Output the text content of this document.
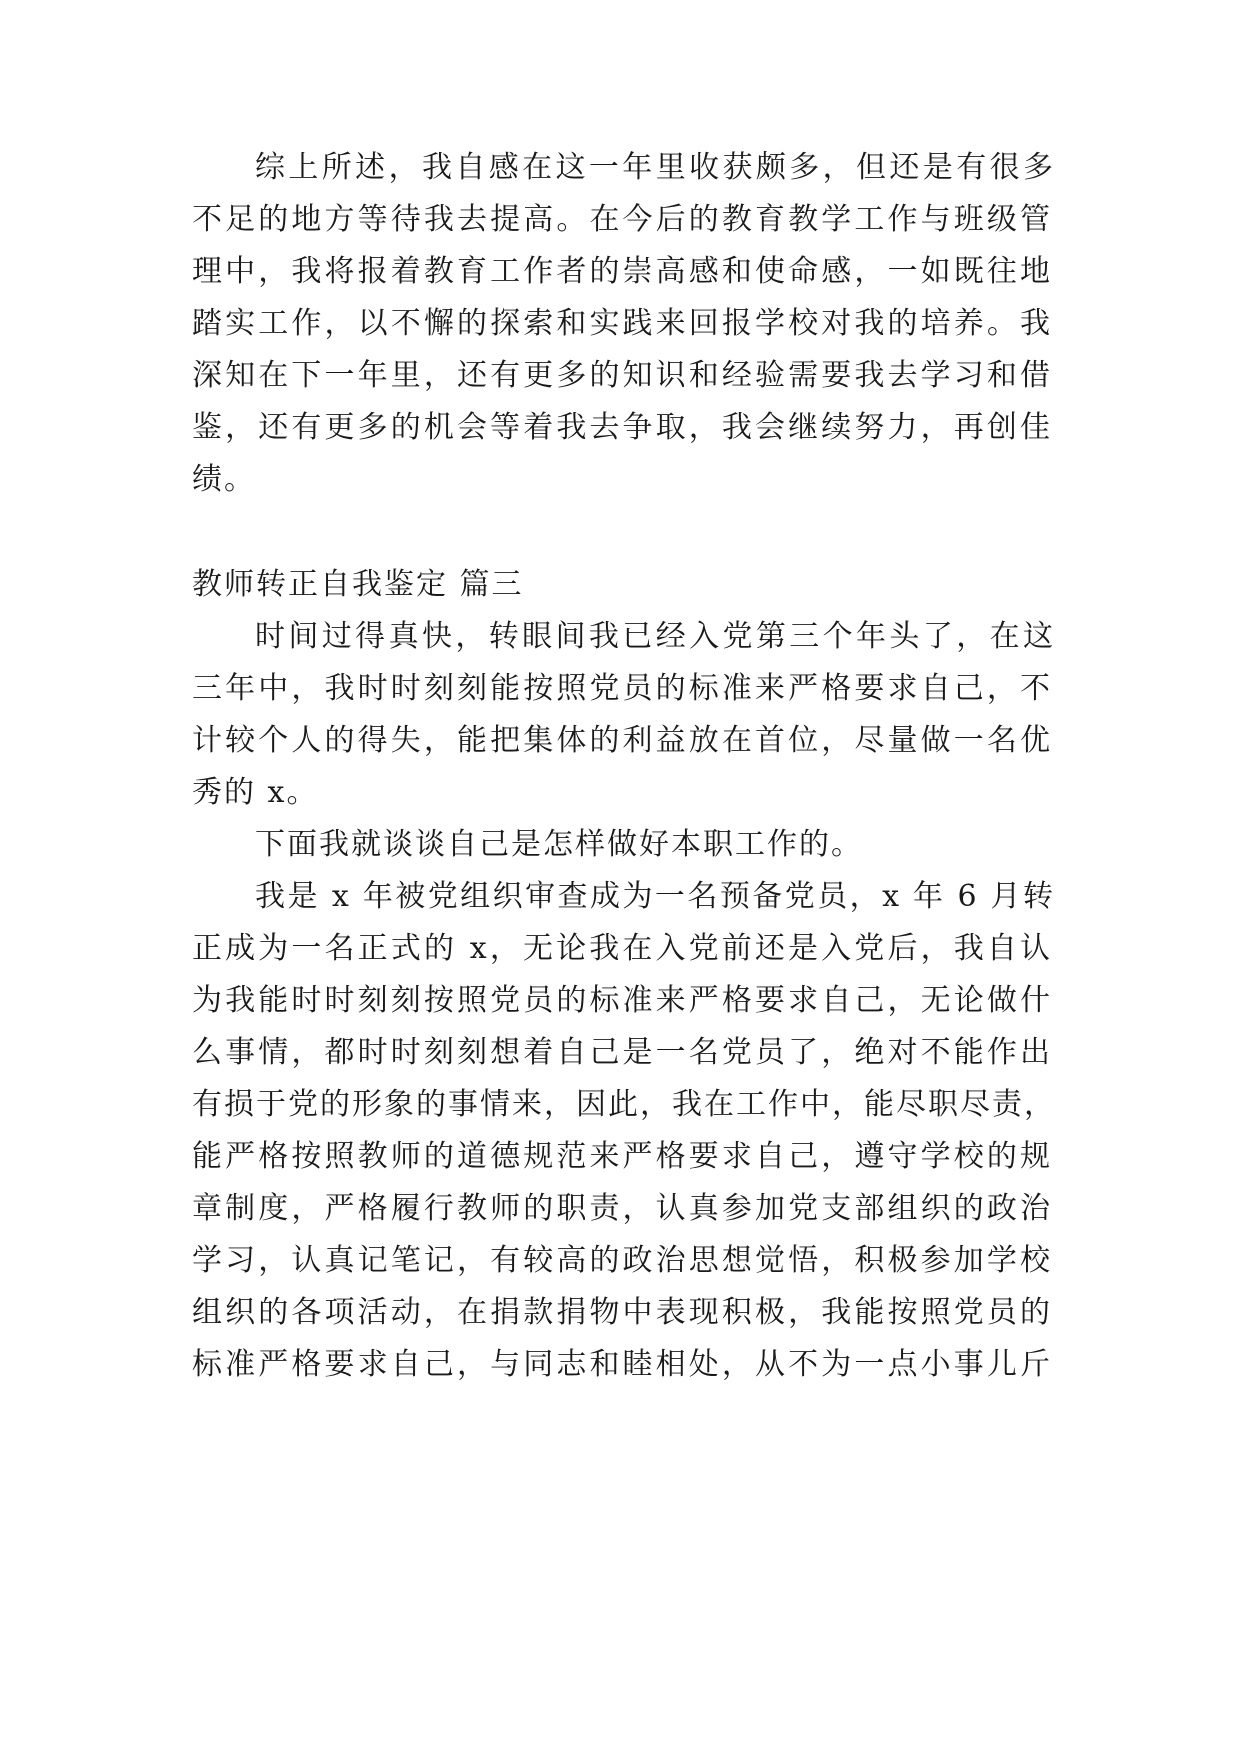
综上所述，我自感在这一年里收获颇多，但还是有很多
不足的地方等待我去提高。在今后的教育教学工作与班级管
理中，我将报着教育工作者的崇高感和使命感，一如既往地
踏实工作，以不懈的探索和实践来回报学校对我的培养。我
深知在下一年里，还有更多的知识和经验需要我去学习和借
鉴，还有更多的机会等着我去争取，我会继续努力，再创佳
绩。
教师转正自我鉴定 篇三
时间过得真快，转眼间我已经入党第三个年头了，在这
三年中，我时时刻刻能按照党员的标准来严格要求自己，不
计较个人的得失，能把集体的利益放在首位，尽量做一名优
秀的 x。
下面我就谈谈自己是怎样做好本职工作的。
我是 x 年被党组织审查成为一名预备党员，x 年 6 月转
正成为一名正式的 x，无论我在入党前还是入党后，我自认
为我能时时刻刻按照党员的标准来严格要求自己，无论做什
么事情，都时时刻刻想着自己是一名党员了，绝对不能作出
有损于党的形象的事情来，因此，我在工作中，能尽职尽责，
能严格按照教师的道德规范来严格要求自己，遵守学校的规
章制度，严格履行教师的职责，认真参加党支部组织的政治
学习，认真记笔记，有较高的政治思想觉悟，积极参加学校
组织的各项活动，在捐款捐物中表现积极，我能按照党员的
标准严格要求自己，与同志和睦相处，从不为一点小事儿斤
